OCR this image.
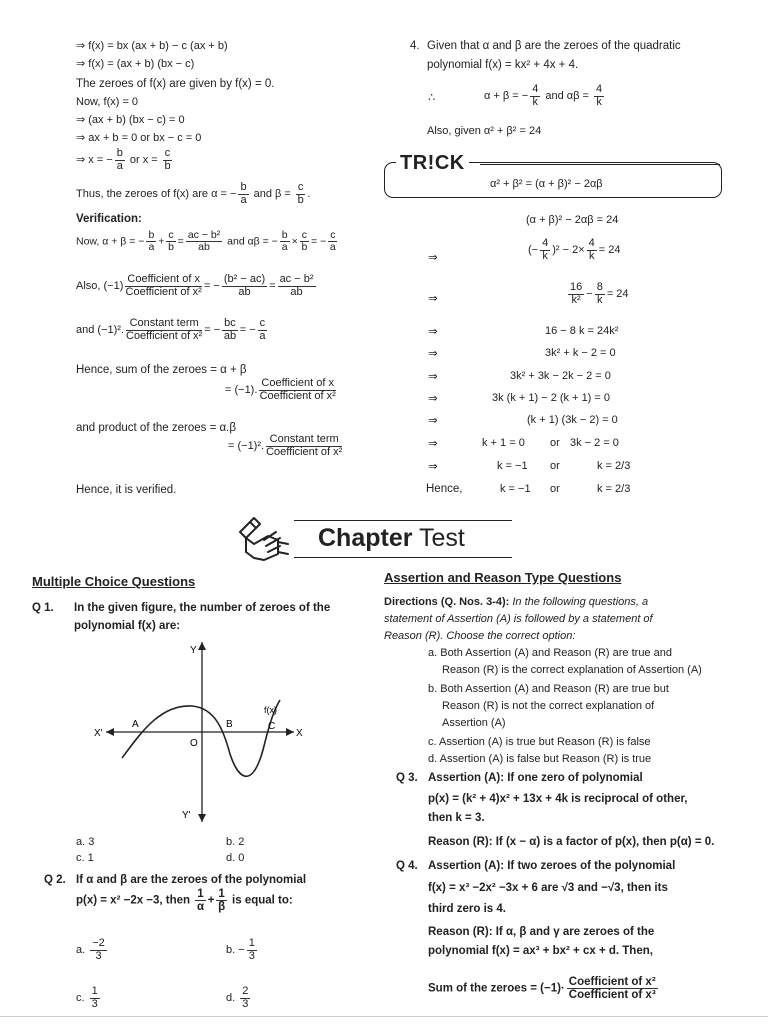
⇒ f(x) = bx (ax + b) − c (ax + b)
⇒ f(x) = (ax + b) (bx − c)
The zeroes of f(x) are given by f(x) = 0.
Now, f(x) = 0
⇒ (ax + b) (bx − c) = 0
⇒ ax + b = 0 or bx − c = 0
⇒ x = − $\frac{b}{a}$ or $x = \frac{c}{b}$
Thus, the zeroes of f(x) are α = − $\frac{b}{a}$ and $\beta = \frac{c}{b}$ .
Verification:
Now, α + β = − $\frac{b}{a} + \frac{c}{b} = \frac{\text{ac − b²}}{ab}$ and αβ = − $\frac{b}{a} \times \frac{c}{b}$ = − $\frac{c}{a}$
Also, $(-1) \frac{\text{Coefficient of x}}{\text{Coefficient of x²}}$ = − $\frac{\text{(b² − ac)}}{ab} = \frac{\text{ac − b²}}{ab}$
and (−1)². $\frac{\text{Constant term}}{\text{Coefficient of x²}}$ = − $\frac{bc}{ab}$ = − $\frac{c}{a}$
Hence, sum of the zeroes = α + β
= (−1). $\frac{\text{Coefficient of x}}{\text{Coefficient of x²}}$
and product of the zeroes = α.β
= (−1)². $\frac{\text{Constant term}}{\text{Coefficient of x²}}$
Hence, it is verified.
4. Given that α and β are the zeroes of the quadratic
polynomial f(x) = kx² + 4x + 4.
∴	α + β = − $\frac{4}{k}$ and $\alpha\beta = \frac{4}{k}$
Also, given α² + β² = 24
TR!CK
α² + β² = (α + β)² − 2αβ
(α + β)² − 2αβ = 24
⇒
(− $\frac{4}{k} )^2 - 2\times \frac{4}{k} = 24$
⇒	$\frac{16}{\text{k²}} - \frac{8}{k} = 24$
⇒	16 − 8 k = 24k²
⇒	3k² + k − 2 = 0
⇒	3k² + 3k − 2k − 2 = 0
⇒	3k (k + 1) − 2 (k + 1) = 0
⇒	(k + 1) (3k − 2) = 0
⇒	k + 1 = 0 or 3k − 2 = 0
⇒	k = −1 or	k = 2/3
Hence,	k = −1 or	k = 2/3
Chapter Test
Multiple Choice Questions
Q 1. In the given figure, the number of zeroes of the
polynomial f(x) are:
Y
Y'
X'	X
O
A	B	C
f(x)
a. 3	b. 2
c. 1	d. 0
Q 2. If α and β are the zeroes of the polynomial
p(x) = x² −2x −3, then $\frac{1}{\alpha} + \frac{1}{\beta}$ is equal to:
a. $\frac{-2}{3}$	b. − $\frac{1}{3}$
c. $\frac{1}{3}$	d. $\frac{2}{3}$
Assertion and Reason Type Questions
Directions (Q. Nos. 3-4): In the following questions, a
statement of Assertion (A) is followed by a statement of
Reason (R). Choose the correct option:
a. Both Assertion (A) and Reason (R) are true and
Reason (R) is the correct explanation of Assertion (A)
b. Both Assertion (A) and Reason (R) are true but
Reason (R) is not the correct explanation of
Assertion (A)
c. Assertion (A) is true but Reason (R) is false
d. Assertion (A) is false but Reason (R) is true
Q 3. Assertion (A): If one zero of polynomial
p(x) = (k² + 4)x² + 13x + 4k is reciprocal of other,
then k = 3.
Reason (R): If (x − α) is a factor of p(x), then p(α) = 0.
Q 4. Assertion (A): If two zeroes of the polynomial
f(x) = x³ −2x² −3x + 6 are √3 and −√3, then its
third zero is 4.
Reason (R): If α, β and γ are zeroes of the
polynomial f(x) = ax³ + bx² + cx + d. Then,
Sum of the zeroes = $(-1)\cdot \frac{\text{Coefficient of x²}}{\text{Coefficient of x³}}$
